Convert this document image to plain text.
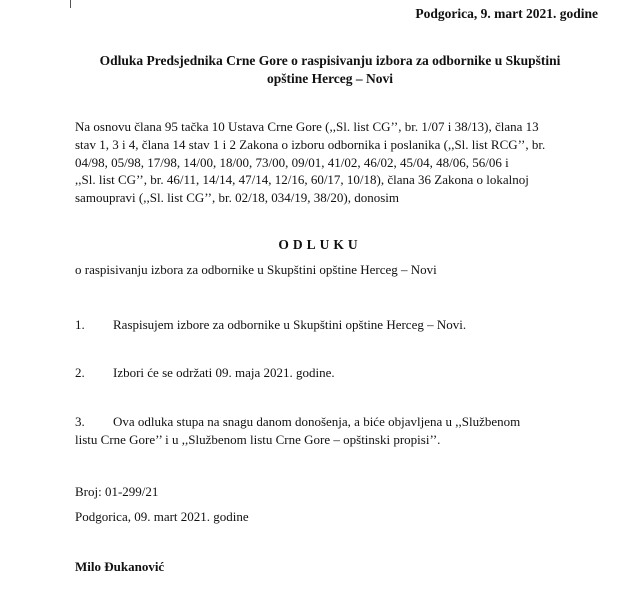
Podgorica, 9. mart 2021. godine
Odluka Predsjednika Crne Gore o raspisivanju izbora za odbornike u Skupštini
opštine Herceg – Novi
Na osnovu člana 95 tačka 10 Ustava Crne Gore (,,Sl. list CG’’, br. 1/07 i 38/13), člana 13
stav 1, 3 i 4, člana 14 stav 1 i 2 Zakona o izboru odbornika i poslanika (,,Sl. list RCG’’, br.
04/98, 05/98, 17/98, 14/00, 18/00, 73/00, 09/01, 41/02, 46/02, 45/04, 48/06, 56/06 i
,,Sl. list CG’’, br. 46/11, 14/14, 47/14, 12/16, 60/17, 10/18), člana 36 Zakona o lokalnoj
samoupravi (,,Sl. list CG’’, br. 02/18, 034/19, 38/20), donosim
ODLUKU
o raspisivanju izbora za odbornike u Skupštini opštine Herceg – Novi
1. Raspisujem izbore za odbornike u Skupštini opštine Herceg – Novi.
2. Izbori će se održati 09. maja 2021. godine.
3. Ova odluka stupa na snagu danom donošenja, a biće objavljena u ,,Službenom
listu Crne Gore’’ i u ,,Službenom listu Crne Gore – opštinski propisi’’.
Broj: 01-299/21
Podgorica, 09. mart 2021. godine
Milo Đukanović
